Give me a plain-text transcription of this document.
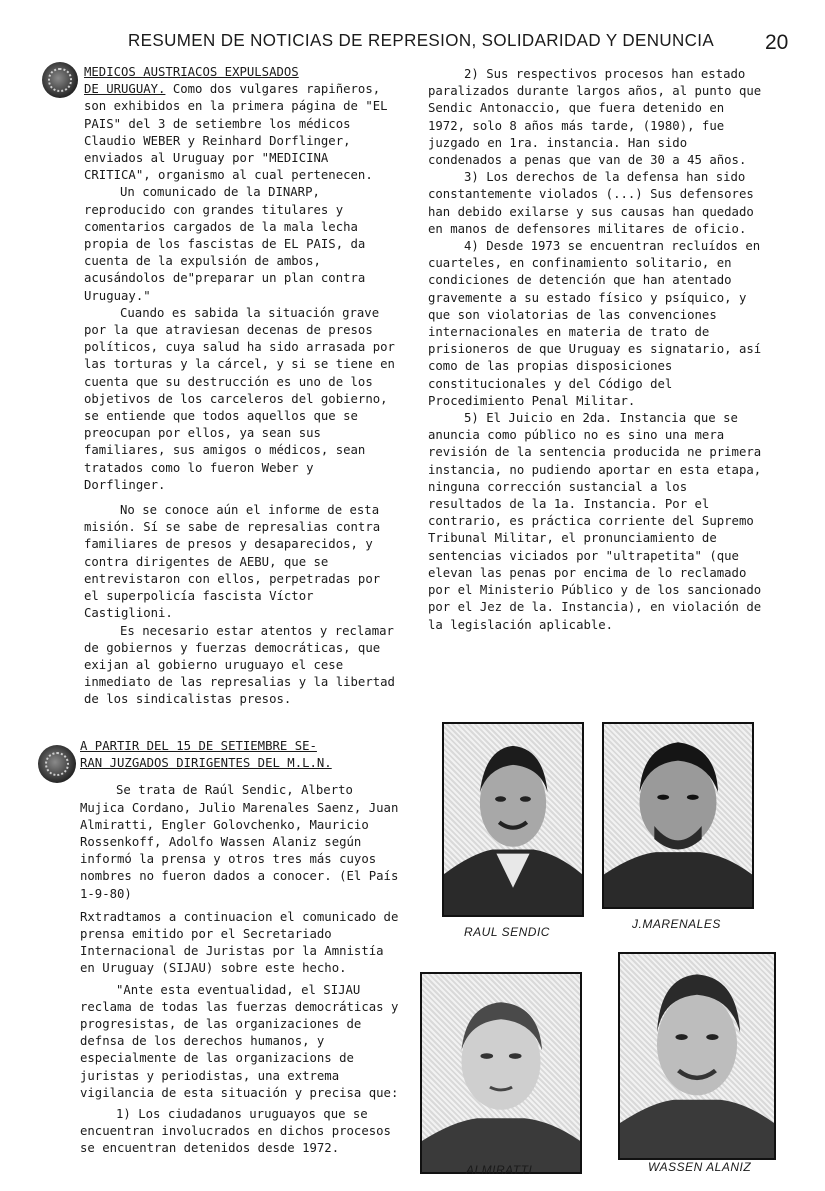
RESUMEN DE NOTICIAS DE REPRESION, SOLIDARIDAD Y DENUNCIA 20

MEDICOS AUSTRIACOS EXPULSADOS
DE URUGUAY. Como dos vulgares rapiñeros, son exhibidos en la primera página de "EL PAIS" del 3 de setiembre los médicos Claudio WEBER y Reinhard Dorflinger, enviados al Uruguay por "MEDICINA CRITICA", organismo al cual pertenecen.

Un comunicado de la DINARP, reproducido con grandes titulares y comentarios cargados de la mala lecha propia de los fascistas de EL PAIS, da cuenta de la expulsión de ambos, acusándolos de"preparar un plan contra Uruguay."

Cuando es sabida la situación grave por la que atraviesan decenas de presos políticos, cuya salud ha sido arrasada por las torturas y la cárcel, y si se tiene en cuenta que su destrucción es uno de los objetivos de los carceleros del gobierno, se entiende que todos aquellos que se preocupan por ellos, ya sean sus familiares, sus amigos o médicos, sean tratados como lo fueron Weber y Dorflinger.

No se conoce aún el informe de esta misión. Sí se sabe de represalias contra familiares de presos y desaparecidos, y contra dirigentes de AEBU, que se entrevistaron con ellos, perpetradas por el superpolicía fascista Víctor Castiglioni.

Es necesario estar atentos y reclamar de gobiernos y fuerzas democráticas, que exijan al gobierno uruguayo el cese inmediato de las represalias y la libertad de los sindicalistas presos.

2) Sus respectivos procesos han estado paralizados durante largos años, al punto que Sendic Antonaccio, que fuera detenido en 1972, solo 8 años más tarde, (1980), fue juzgado en 1ra. instancia. Han sido condenados a penas que van de 30 a 45 años.

3) Los derechos de la defensa han sido constantemente violados (...) Sus defensores han debido exilarse y sus causas han quedado en manos de defensores militares de oficio.

4) Desde 1973 se encuentran recluídos en cuarteles, en confinamiento solitario, en condiciones de detención que han atentado gravemente a su estado físico y psíquico, y que son violatorias de las convenciones internacionales en materia de trato de prisioneros de que Uruguay es signatario, así como de las propias disposiciones constitucionales y del Código del Procedimiento Penal Militar.

5) El Juicio en 2da. Instancia que se anuncia como público no es sino una mera revisión de la sentencia producida ne primera instancia, no pudiendo aportar en esta etapa, ninguna corrección sustancial a los resultados de la 1a. Instancia. Por el contrario, es práctica corriente del Supremo Tribunal Militar, el pronunciamiento de sentencias viciados por "ultrapetita" (que elevan las penas por encima de lo reclamado por el Ministerio Público y de los sancionado por el Jez de la. Instancia), en violación de la legislación aplicable.

A PARTIR DEL 15 DE SETIEMBRE SE-
RAN JUZGADOS DIRIGENTES DEL M.L.N.

Se trata de Raúl Sendic, Alberto Mujica Cordano, Julio Marenales Saenz, Juan Almiratti, Engler Golovchenko, Mauricio Rossenkoff, Adolfo Wassen Alaniz según informó la prensa y otros tres más cuyos nombres no fueron dados a conocer. (El País 1-9-80)

Rxtradtamos a continuacion el comunicado de prensa emitido por el Secretariado Internacional de Juristas por la Amnistía en Uruguay (SIJAU) sobre este hecho.

"Ante esta eventualidad, el SIJAU reclama de todas las fuerzas democráticas y progresistas, de las organizaciones de defnsa de los derechos humanos, y especialmente de las organizacions de juristas y periodistas, una extrema vigilancia de esta situación y precisa que:

1) Los ciudadanos uruguayos que se encuentran involucrados en dichos procesos se encuentran detenidos desde 1972.

RAUL SENDIC
J.MARENALES
ALMIRATTI	WASSEN ALANIZ
